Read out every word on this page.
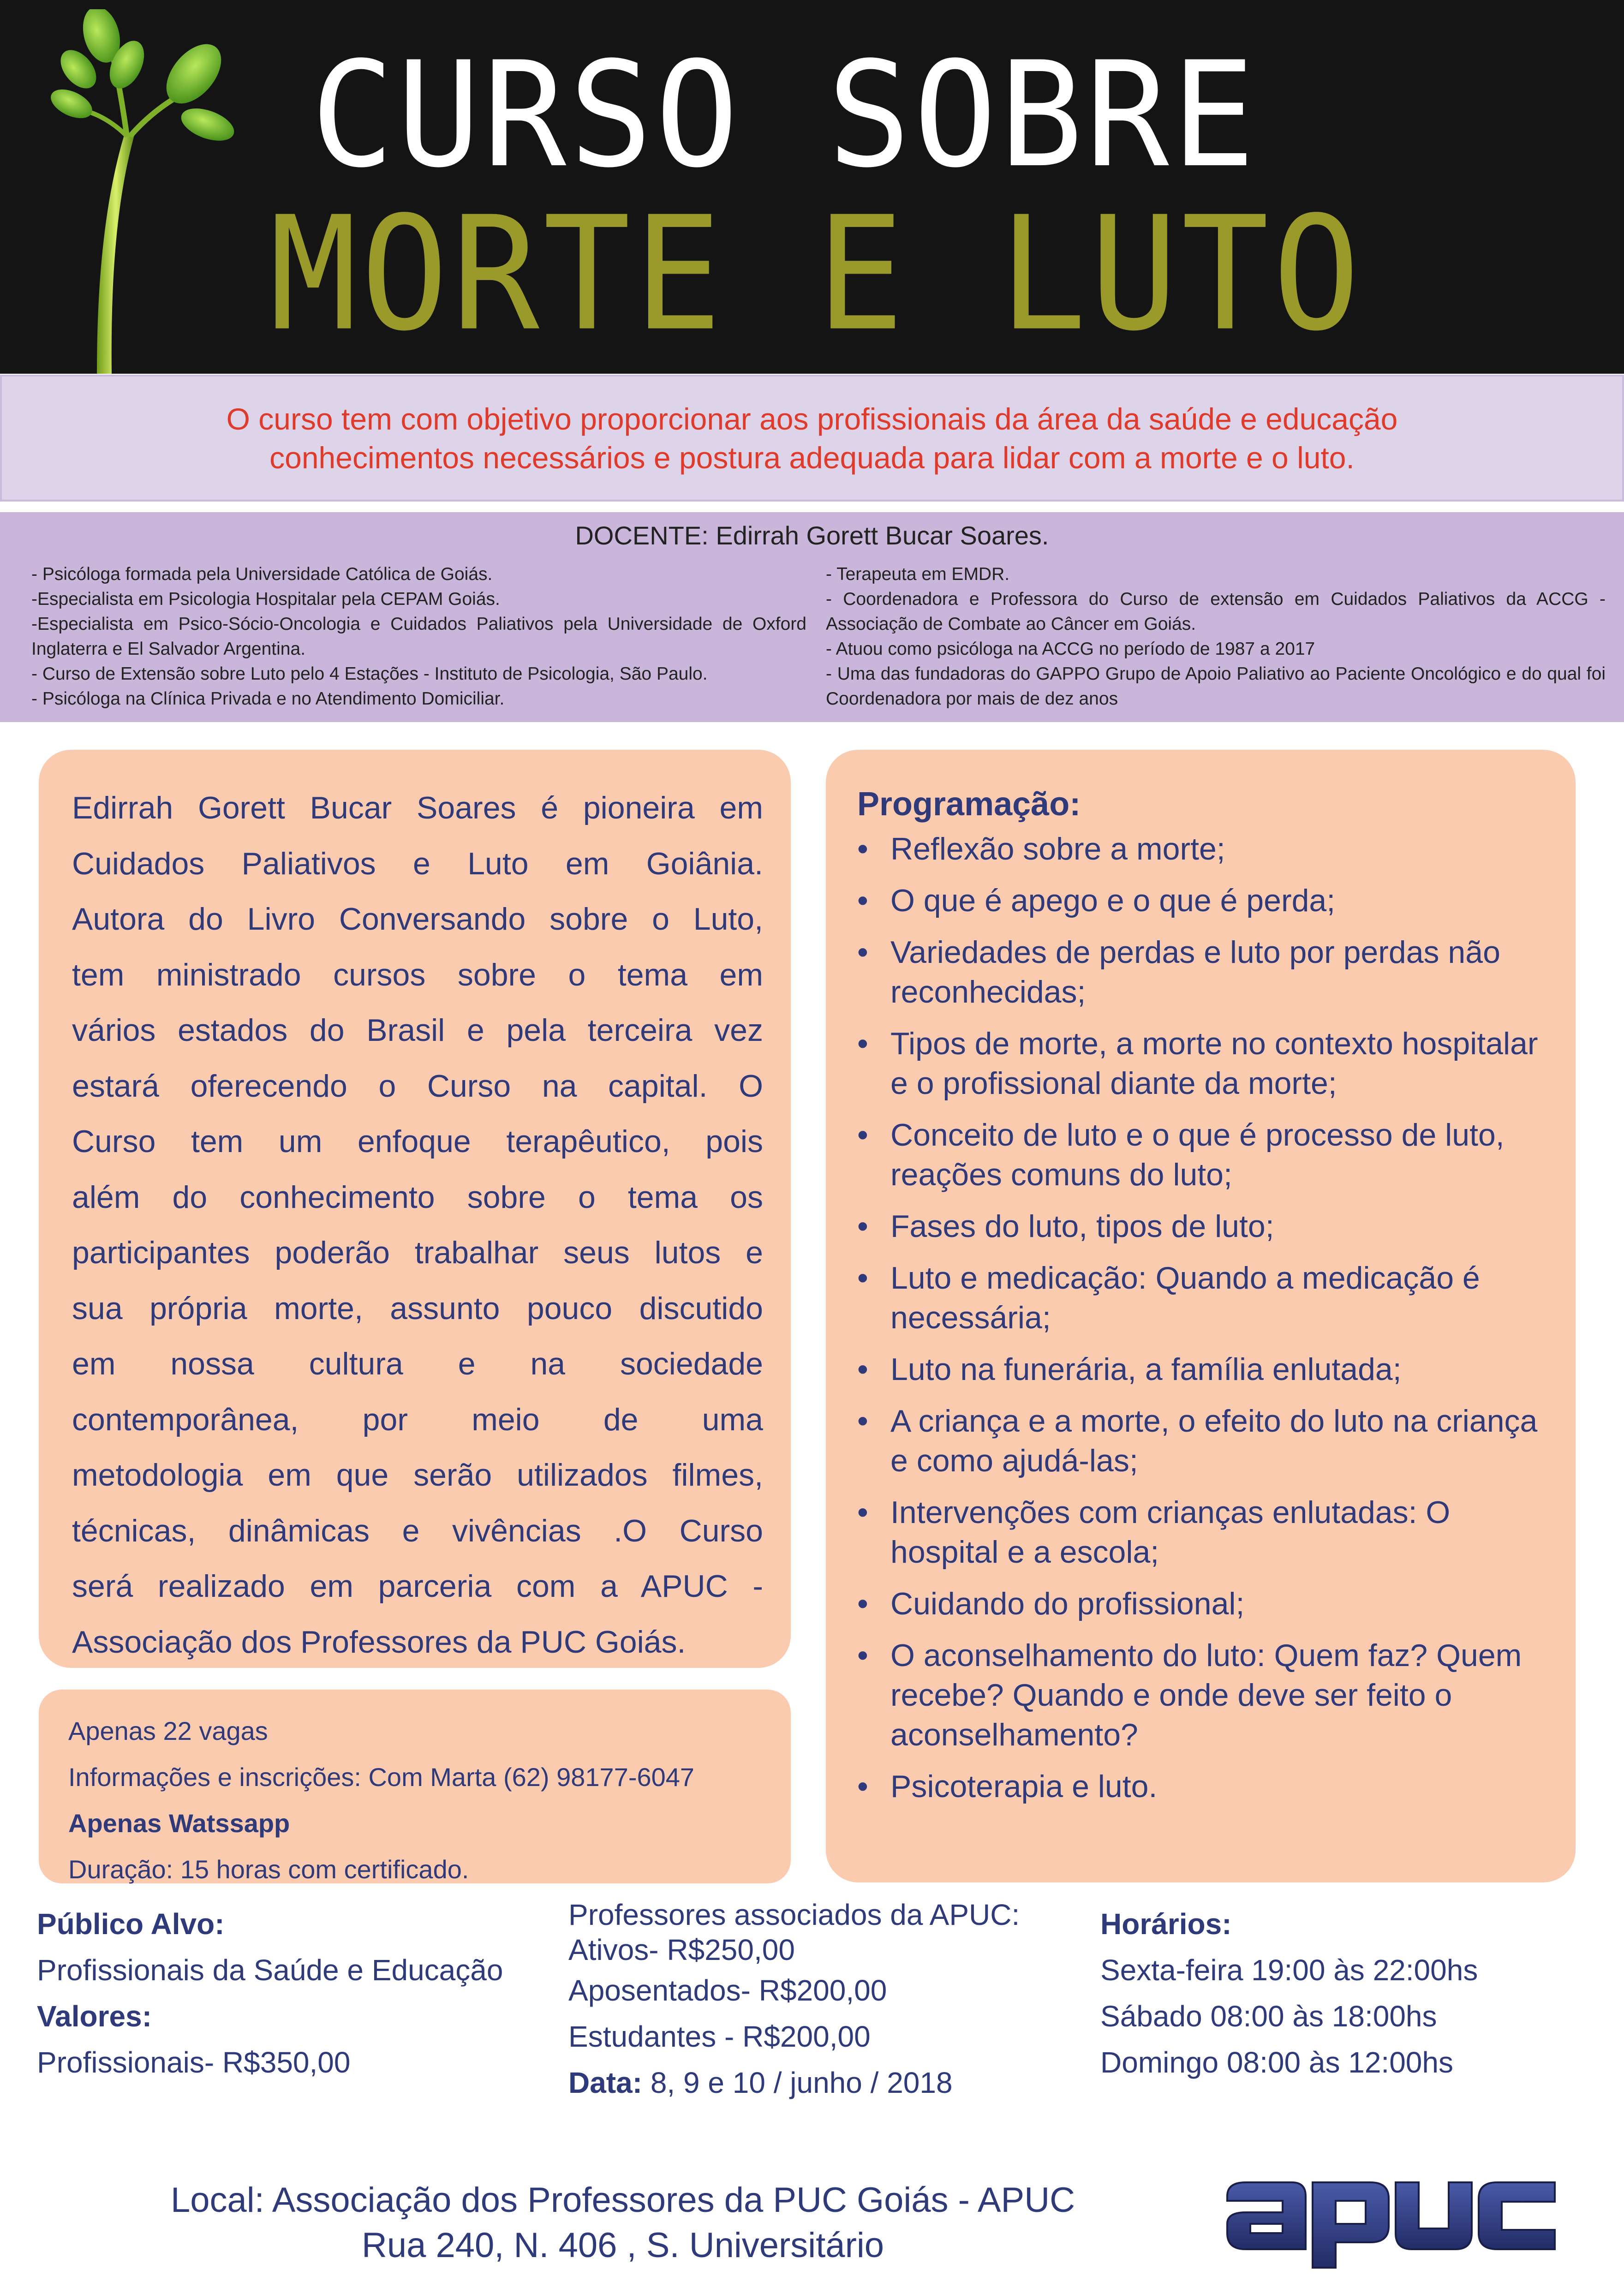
CURSO SOBRE
MORTE E LUTO
O curso tem com objetivo proporcionar aos profissionais da área da saúde e educação
conhecimentos necessários e postura adequada para lidar com a morte e o luto.
DOCENTE: Edirrah Gorett Bucar Soares.
- Psicóloga formada pela Universidade Católica de Goiás.
-Especialista em Psicologia Hospitalar pela CEPAM Goiás.
-Especialista em Psico-Sócio-Oncologia e Cuidados Paliativos pela Universidade de Oxford Inglaterra e El Salvador Argentina.
- Curso de Extensão sobre Luto pelo 4 Estações - Instituto de Psicologia, São Paulo.
- Psicóloga na Clínica Privada e no Atendimento Domiciliar.
- Terapeuta em EMDR.
- Coordenadora e Professora do Curso de extensão em Cuidados Paliativos da ACCG - Associação de Combate ao Câncer em Goiás.
- Atuou como psicóloga na ACCG no período de 1987 a 2017
- Uma das fundadoras do GAPPO Grupo de Apoio Paliativo ao Paciente Oncológico e do qual foi Coordenadora por mais de dez anos
Edirrah Gorett Bucar Soares é pioneira em
Cuidados Paliativos e Luto em Goiânia.
Autora do Livro Conversando sobre o Luto,
tem ministrado cursos sobre o tema em
vários estados do Brasil e pela terceira vez
estará oferecendo o Curso na capital. O
Curso tem um enfoque terapêutico, pois
além do conhecimento sobre o tema os
participantes poderão trabalhar seus lutos e
sua própria morte, assunto pouco discutido
em nossa cultura e na sociedade
contemporânea, por meio de uma
metodologia em que serão utilizados filmes,
técnicas, dinâmicas e vivências .O Curso
será realizado em parceria com a APUC -
Associação dos Professores da PUC Goiás.
Apenas 22 vagas
Informações e inscrições: Com Marta (62) 98177-6047
Apenas Watssapp
Duração: 15 horas com certificado.
Programação:
• Reflexão sobre a morte;
• O que é apego e o que é perda;
• Variedades de perdas e luto por perdas não reconhecidas;
• Tipos de morte, a morte no contexto hospitalar e o profissional diante da morte;
• Conceito de luto e o que é processo de luto, reações comuns do luto;
• Fases do luto, tipos de luto;
• Luto e medicação: Quando a medicação é necessária;
• Luto na funerária, a família enlutada;
• A criança e a morte, o efeito do luto na criança e como ajudá-las;
• Intervenções com crianças enlutadas: O hospital e a escola;
• Cuidando do profissional;
• O aconselhamento do luto: Quem faz? Quem recebe? Quando e onde deve ser feito o aconselhamento?
• Psicoterapia e luto.
Público Alvo:
Profissionais da Saúde e Educação
Valores:
Profissionais- R$350,00
Professores associados da APUC:
Ativos- R$250,00
Aposentados- R$200,00
Estudantes - R$200,00
Data: 8, 9 e 10 / junho / 2018
Horários:
Sexta-feira 19:00 às 22:00hs
Sábado 08:00 às 18:00hs
Domingo 08:00 às 12:00hs
Local: Associação dos Professores da PUC Goiás - APUC
Rua 240, N. 406 , S. Universitário
